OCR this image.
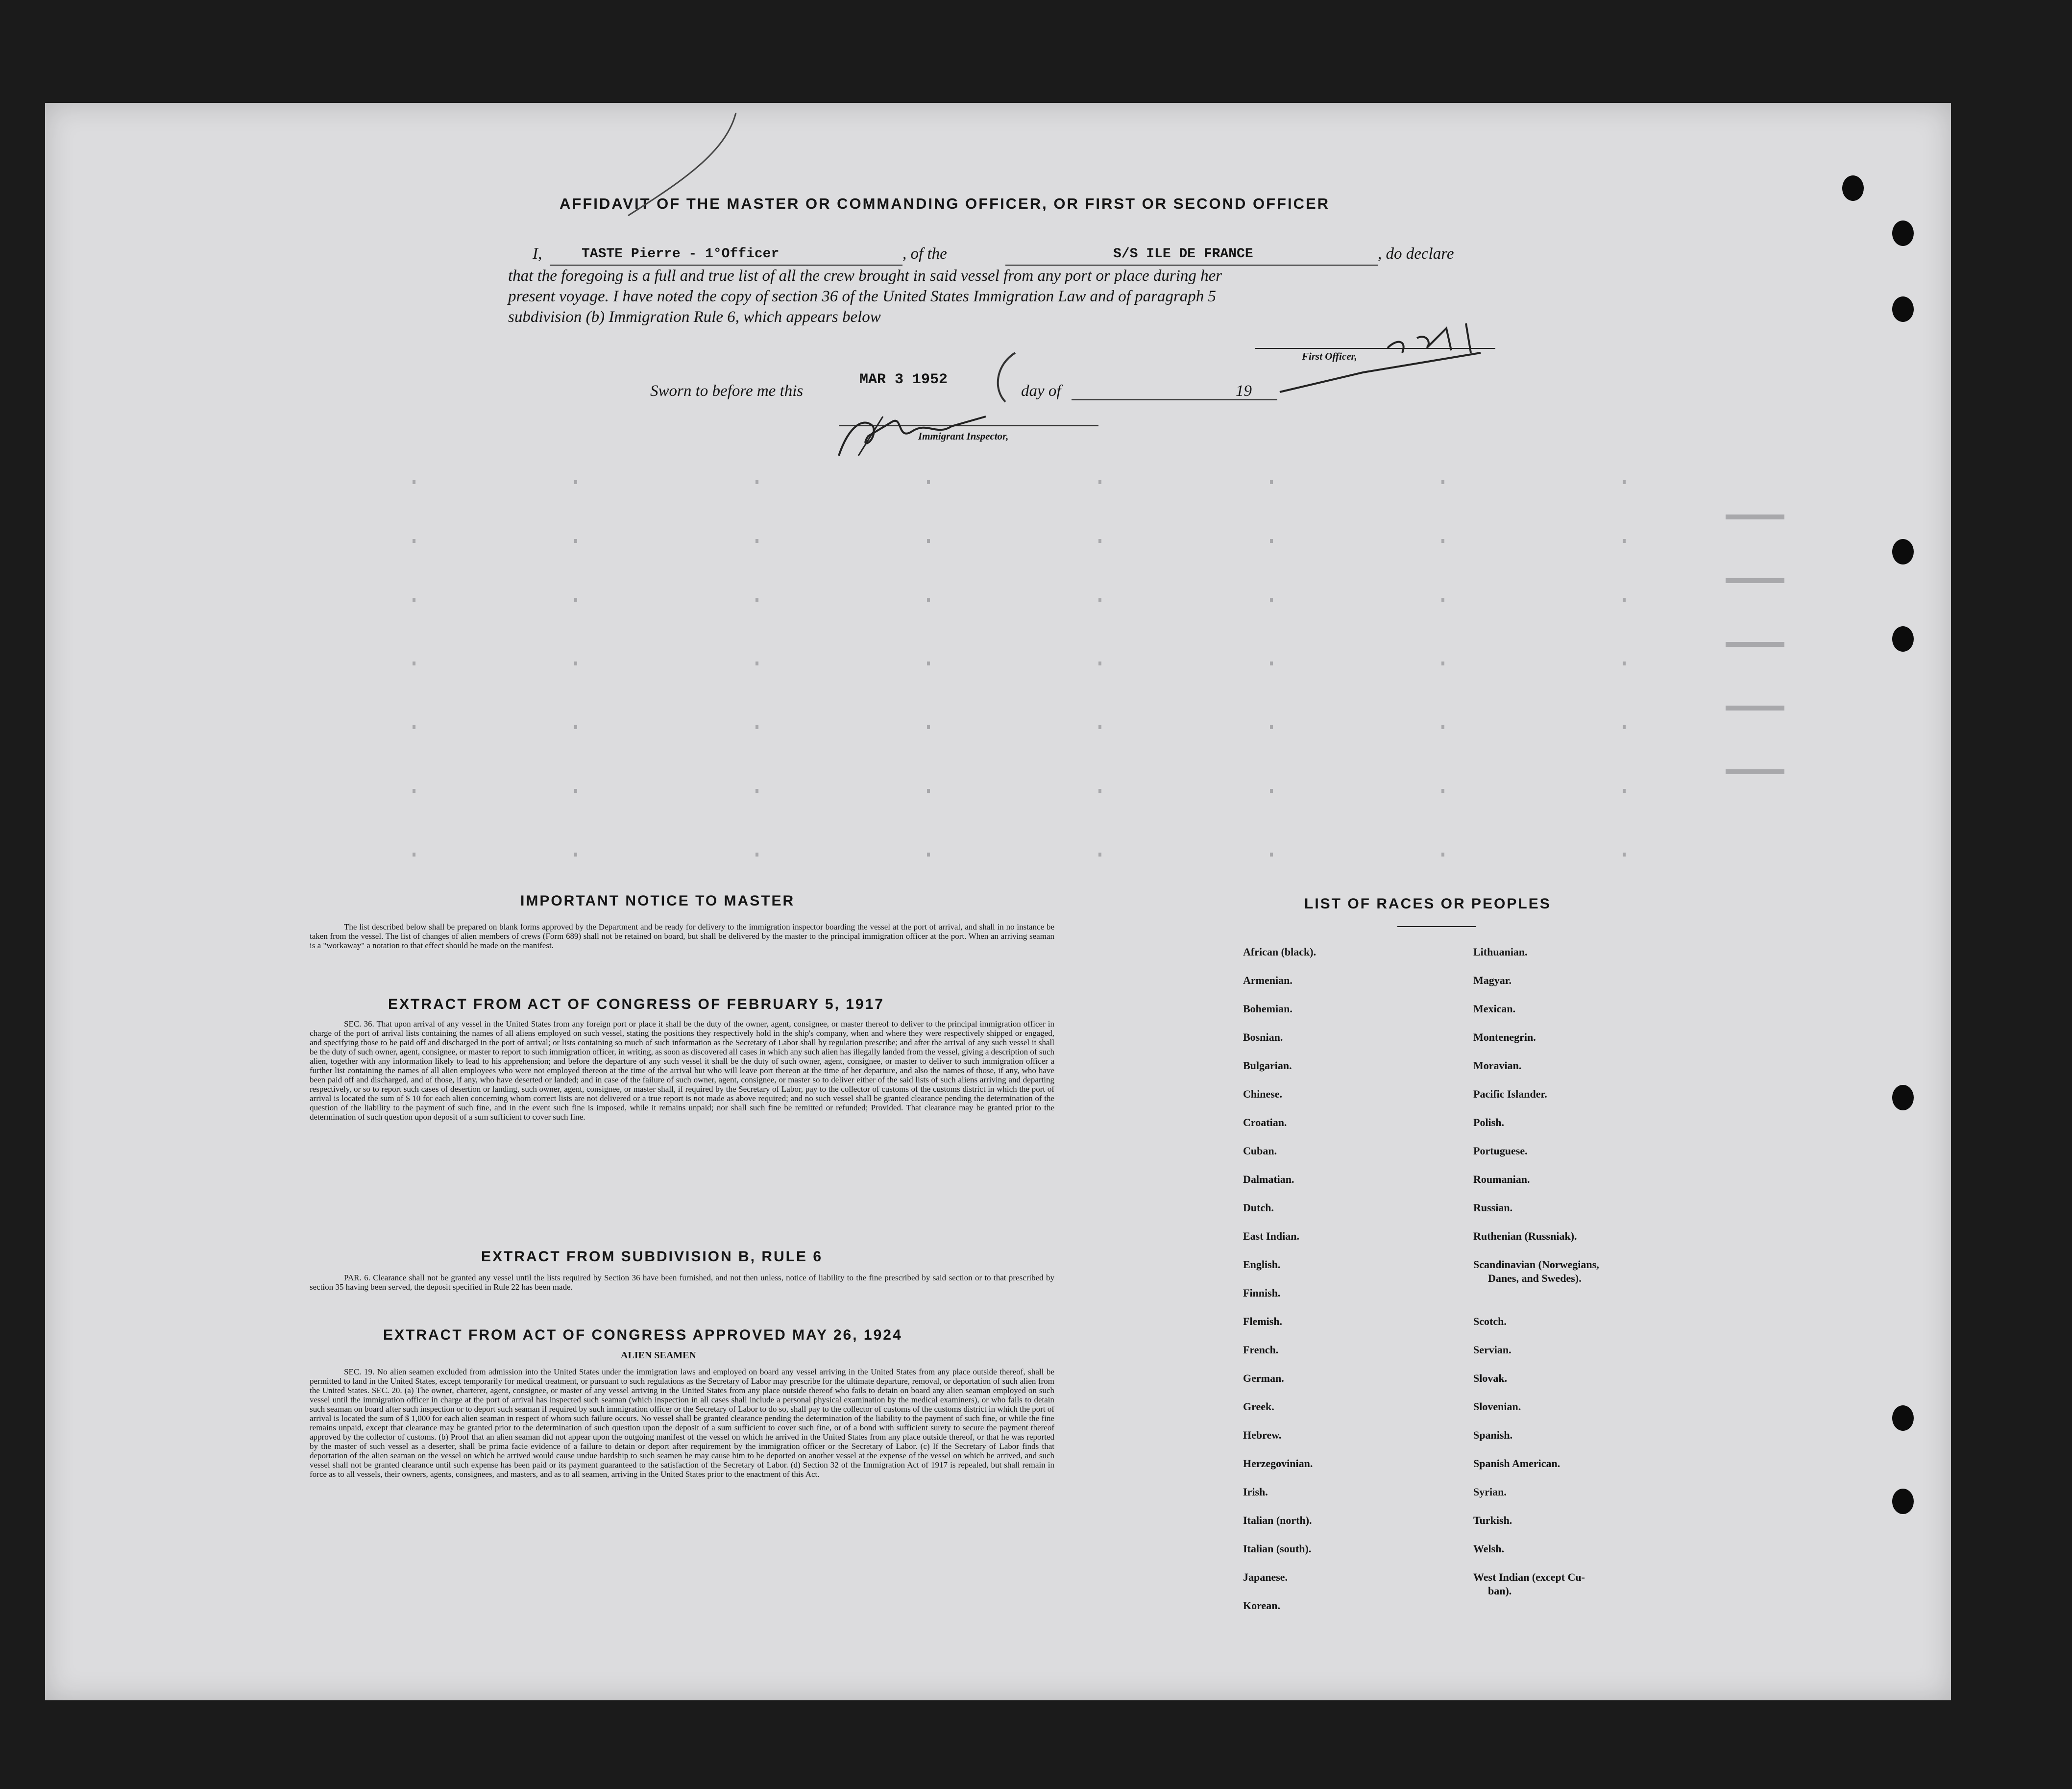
AFFIDAVIT OF THE MASTER OR COMMANDING OFFICER, OR FIRST OR SECOND OFFICER
I,	TASTE Pierre - 1°Officer	, of the	S/S ILE DE FRANCE	, do declare
that the foregoing is a full and true list of all the crew brought in said vessel from any port or place during her
present voyage. I have noted the copy of section 36 of the United States Immigration Law and of paragraph 5
subdivision (b) Immigration Rule 6, which appears below
First Officer,
Sworn to before me this
MAR 3 1952
day of	19
Immigrant Inspector,
IMPORTANT NOTICE TO MASTER
The list described below shall be prepared on blank forms approved by the Department and be ready for delivery to the immigration inspector boarding the vessel at the port of arrival, and shall in no instance be taken from the vessel. The list of changes of alien members of crews (Form 689) shall not be retained on board, but shall be delivered by the master to the principal immigration officer at the port. When an arriving seaman is a "workaway" a notation to that effect should be made on the manifest.
EXTRACT FROM ACT OF CONGRESS OF FEBRUARY 5, 1917
SEC. 36. That upon arrival of any vessel in the United States from any foreign port or place it shall be the duty of the owner, agent, consignee, or master thereof to deliver to the principal immigration officer in charge of the port of arrival lists containing the names of all aliens employed on such vessel, stating the positions they respectively hold in the ship's company, when and where they were respectively shipped or engaged, and specifying those to be paid off and discharged in the port of arrival; or lists containing so much of such information as the Secretary of Labor shall by regulation prescribe; and after the arrival of any such vessel it shall be the duty of such owner, agent, consignee, or master to report to such immigration officer, in writing, as soon as discovered all cases in which any such alien has illegally landed from the vessel, giving a description of such alien, together with any information likely to lead to his apprehension; and before the departure of any such vessel it shall be the duty of such owner, agent, consignee, or master to deliver to such immigration officer a further list containing the names of all alien employees who were not employed thereon at the time of the arrival but who will leave port thereon at the time of her departure, and also the names of those, if any, who have been paid off and discharged, and of those, if any, who have deserted or landed; and in case of the failure of such owner, agent, consignee, or master so to deliver either of the said lists of such aliens arriving and departing respectively, or so to report such cases of desertion or landing, such owner, agent, consignee, or master shall, if required by the Secretary of Labor, pay to the collector of customs of the customs district in which the port of arrival is located the sum of $ 10 for each alien concerning whom correct lists are not delivered or a true report is not made as above required; and no such vessel shall be granted clearance pending the determination of the question of the liability to the payment of such fine, and in the event such fine is imposed, while it remains unpaid; nor shall such fine be remitted or refunded; Provided. That clearance may be granted prior to the determination of such question upon deposit of a sum sufficient to cover such fine.
EXTRACT FROM SUBDIVISION B, RULE 6
PAR. 6. Clearance shall not be granted any vessel until the lists required by Section 36 have been furnished, and not then unless, notice of liability to the fine prescribed by said section or to that prescribed by section 35 having been served, the deposit specified in Rule 22 has been made.
EXTRACT FROM ACT OF CONGRESS APPROVED MAY 26, 1924
ALIEN SEAMEN
SEC. 19. No alien seamen excluded from admission into the United States under the immigration laws and employed on board any vessel arriving in the United States from any place outside thereof, shall be permitted to land in the United States, except temporarily for medical treatment, or pursuant to such regulations as the Secretary of Labor may prescribe for the ultimate departure, removal, or deportation of such alien from the United States. SEC. 20. (a) The owner, charterer, agent, consignee, or master of any vessel arriving in the United States from any place outside thereof who fails to detain on board any alien seaman employed on such vessel until the immigration officer in charge at the port of arrival has inspected such seaman (which inspection in all cases shall include a personal physical examination by the medical examiners), or who fails to detain such seaman on board after such inspection or to deport such seaman if required by such immigration officer or the Secretary of Labor to do so, shall pay to the collector of customs of the customs district in which the port of arrival is located the sum of $ 1,000 for each alien seaman in respect of whom such failure occurs. No vessel shall be granted clearance pending the determination of the liability to the payment of such fine, or while the fine remains unpaid, except that clearance may be granted prior to the determination of such question upon the deposit of a sum sufficient to cover such fine, or of a bond with sufficient surety to secure the payment thereof approved by the collector of customs. (b) Proof that an alien seaman did not appear upon the outgoing manifest of the vessel on which he arrived in the United States from any place outside thereof, or that he was reported by the master of such vessel as a deserter, shall be prima facie evidence of a failure to detain or deport after requirement by the immigration officer or the Secretary of Labor. (c) If the Secretary of Labor finds that deportation of the alien seaman on the vessel on which he arrived would cause undue hardship to such seamen he may cause him to be deported on another vessel at the expense of the vessel on which he arrived, and such vessel shall not be granted clearance until such expense has been paid or its payment guaranteed to the satisfaction of the Secretary of Labor. (d) Section 32 of the Immigration Act of 1917 is repealed, but shall remain in force as to all vessels, their owners, agents, consignees, and masters, and as to all seamen, arriving in the United States prior to the enactment of this Act.
LIST OF RACES OR PEOPLES
African (black).
Armenian.
Bohemian.
Bosnian.
Bulgarian.
Chinese.
Croatian.
Cuban.
Dalmatian.
Dutch.
East Indian.
English.
Finnish.
Flemish.
French.
German.
Greek.
Hebrew.
Herzegovinian.
Irish.
Italian (north).
Italian (south).
Japanese.
Korean.
Lithuanian.
Magyar.
Mexican.
Montenegrin.
Moravian.
Pacific Islander.
Polish.
Portuguese.
Roumanian.
Russian.
Ruthenian (Russniak).
Scandinavian (Norwegians,
Danes, and Swedes).
Scotch.
Servian.
Slovak.
Slovenian.
Spanish.
Spanish American.
Syrian.
Turkish.
Welsh.
West Indian (except Cu-
ban).
